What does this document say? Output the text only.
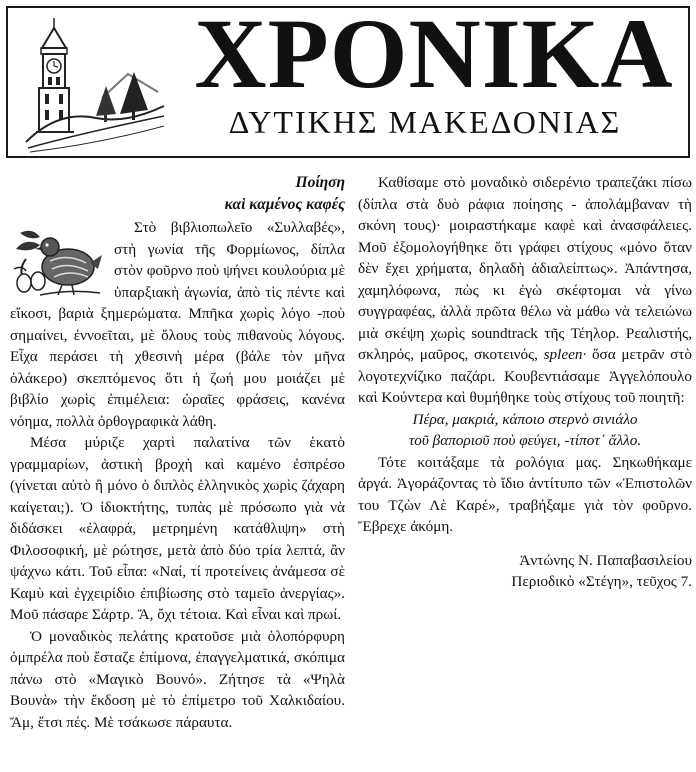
ΧΡΟΝΙΚΑ
ΔΥΤΙΚΗΣ ΜΑΚΕΔΟΝΙΑΣ

Ποίηση

καὶ καμένος καφές

Στὸ βιβλιοπωλεῖο «Συλλαβές», στὴ γωνία τῆς Φορμίωνος, δίπλα στὸν φοῦρνο ποὺ ψήνει κουλούρια μὲ ὑπαρξιακὴ ἀγωνία, ἀπὸ τὶς πέντε καὶ εἴκοσι, βαριὰ ξημερώματα. Μπῆκα χωρὶς λόγο -ποὺ σημαίνει, ἐννοεῖται, μὲ ὅλους τοὺς πιθανοὺς λόγους. Εἶχα περάσει τὴ χθεσινὴ μέρα (βάλε τὸν μῆνα ὁλάκερο) σκεπτόμενος ὅτι ἡ ζωή μου μοιάζει μὲ βιβλίο χωρὶς ἐπιμέλεια: ὡραῖες φράσεις, κανένα νόημα, πολλὰ ὀρθογραφικὰ λάθη.

Μέσα μύριζε χαρτὶ παλατίνα τῶν ἑκατὸ γραμμαρίων, ἀστικὴ βροχὴ καὶ καμένο ἐσπρέσο (γίνεται αὐτὸ ἢ μόνο ὁ διπλὸς ἑλληνικὸς χωρὶς ζάχαρη καίγεται;). Ὁ ἰδιοκτήτης, τυπὰς μὲ πρόσωπο γιὰ νὰ διδάσκει «ἐλαφρά, μετρημένη κατάθλιψη» στὴ Φιλοσοφική, μὲ ρώτησε, μετὰ ἀπὸ δύο τρία λεπτά, ἂν ψάχνω κάτι. Τοῦ εἶπα: «Ναί, τί προτείνεις ἀνάμεσα σὲ Καμὺ καὶ ἐγχειρίδιο ἐπιβίωσης στὸ ταμεῖο ἀνεργίας». Μοῦ πάσαρε Σάρτρ. Ἄ, ὄχι τέτοια. Καὶ εἶναι καὶ πρωί.

Ὁ μοναδικὸς πελάτης κρατοῦσε μιὰ ὁλοπόρφυρη ὀμπρέλα ποὺ ἔσταζε ἐπίμονα, ἐπαγγελματικά, σκόπιμα πάνω στὸ «Μαγικὸ Βουνό». Ζήτησε τὰ «Ψηλὰ Βουνὰ» τὴν ἔκδοση μὲ τὸ ἐπίμετρο τοῦ Χαλκιδαίου. Ἄμ, ἔτσι πές. Μὲ τσάκωσε πάραυτα.

Καθίσαμε στὸ μοναδικὸ σιδερένιο τραπεζάκι πίσω (δίπλα στὰ δυὸ ράφια ποίησης - ἀπολάμβαναν τὴ σκόνη τους)· μοιραστήκαμε καφὲ καὶ ἀνασφάλειες. Μοῦ ἐξομολογήθηκε ὅτι γράφει στίχους «μόνο ὅταν δὲν ἔχει χρήματα, δηλαδὴ ἀδιαλείπτως». Ἀπάντησα, χαμηλόφωνα, πὼς κι ἐγὼ σκέφτομαι νὰ γίνω συγγραφέας, ἀλλὰ πρῶτα θέλω νὰ μάθω νὰ τελειώνω μιὰ σκέψη χωρὶς soundtrack τῆς Τέηλορ. Ρεαλιστής, σκληρός, μαῦρος, σκοτεινός, spleen· ὅσα μετρᾶν στὸ λογοτεχνίζικο παζάρι. Κουβεντιάσαμε Ἀγγελόπουλο καὶ Κούντερα καὶ θυμήθηκε τοὺς στίχους τοῦ ποιητῆ:

Πέρα, μακριά, κάποιο στερνὸ σινιάλο
τοῦ βαποριοῦ ποὺ φεύγει, -τίποτ᾽ ἄλλο.

Τότε κοιτάξαμε τὰ ρολόγια μας. Σηκωθήκαμε ἀργά. Ἀγοράζοντας τὸ ἴδιο ἀντίτυπο τῶν «Ἐπιστολῶν του Τζὼν Λὲ Καρέ», τραβήξαμε γιὰ τὸν φοῦρνο. Ἔβρεχε ἀκόμη.

Ἀντώνης Ν. Παπαβασιλείου
Περιοδικὸ «Στέγη», τεῦχος 7.
